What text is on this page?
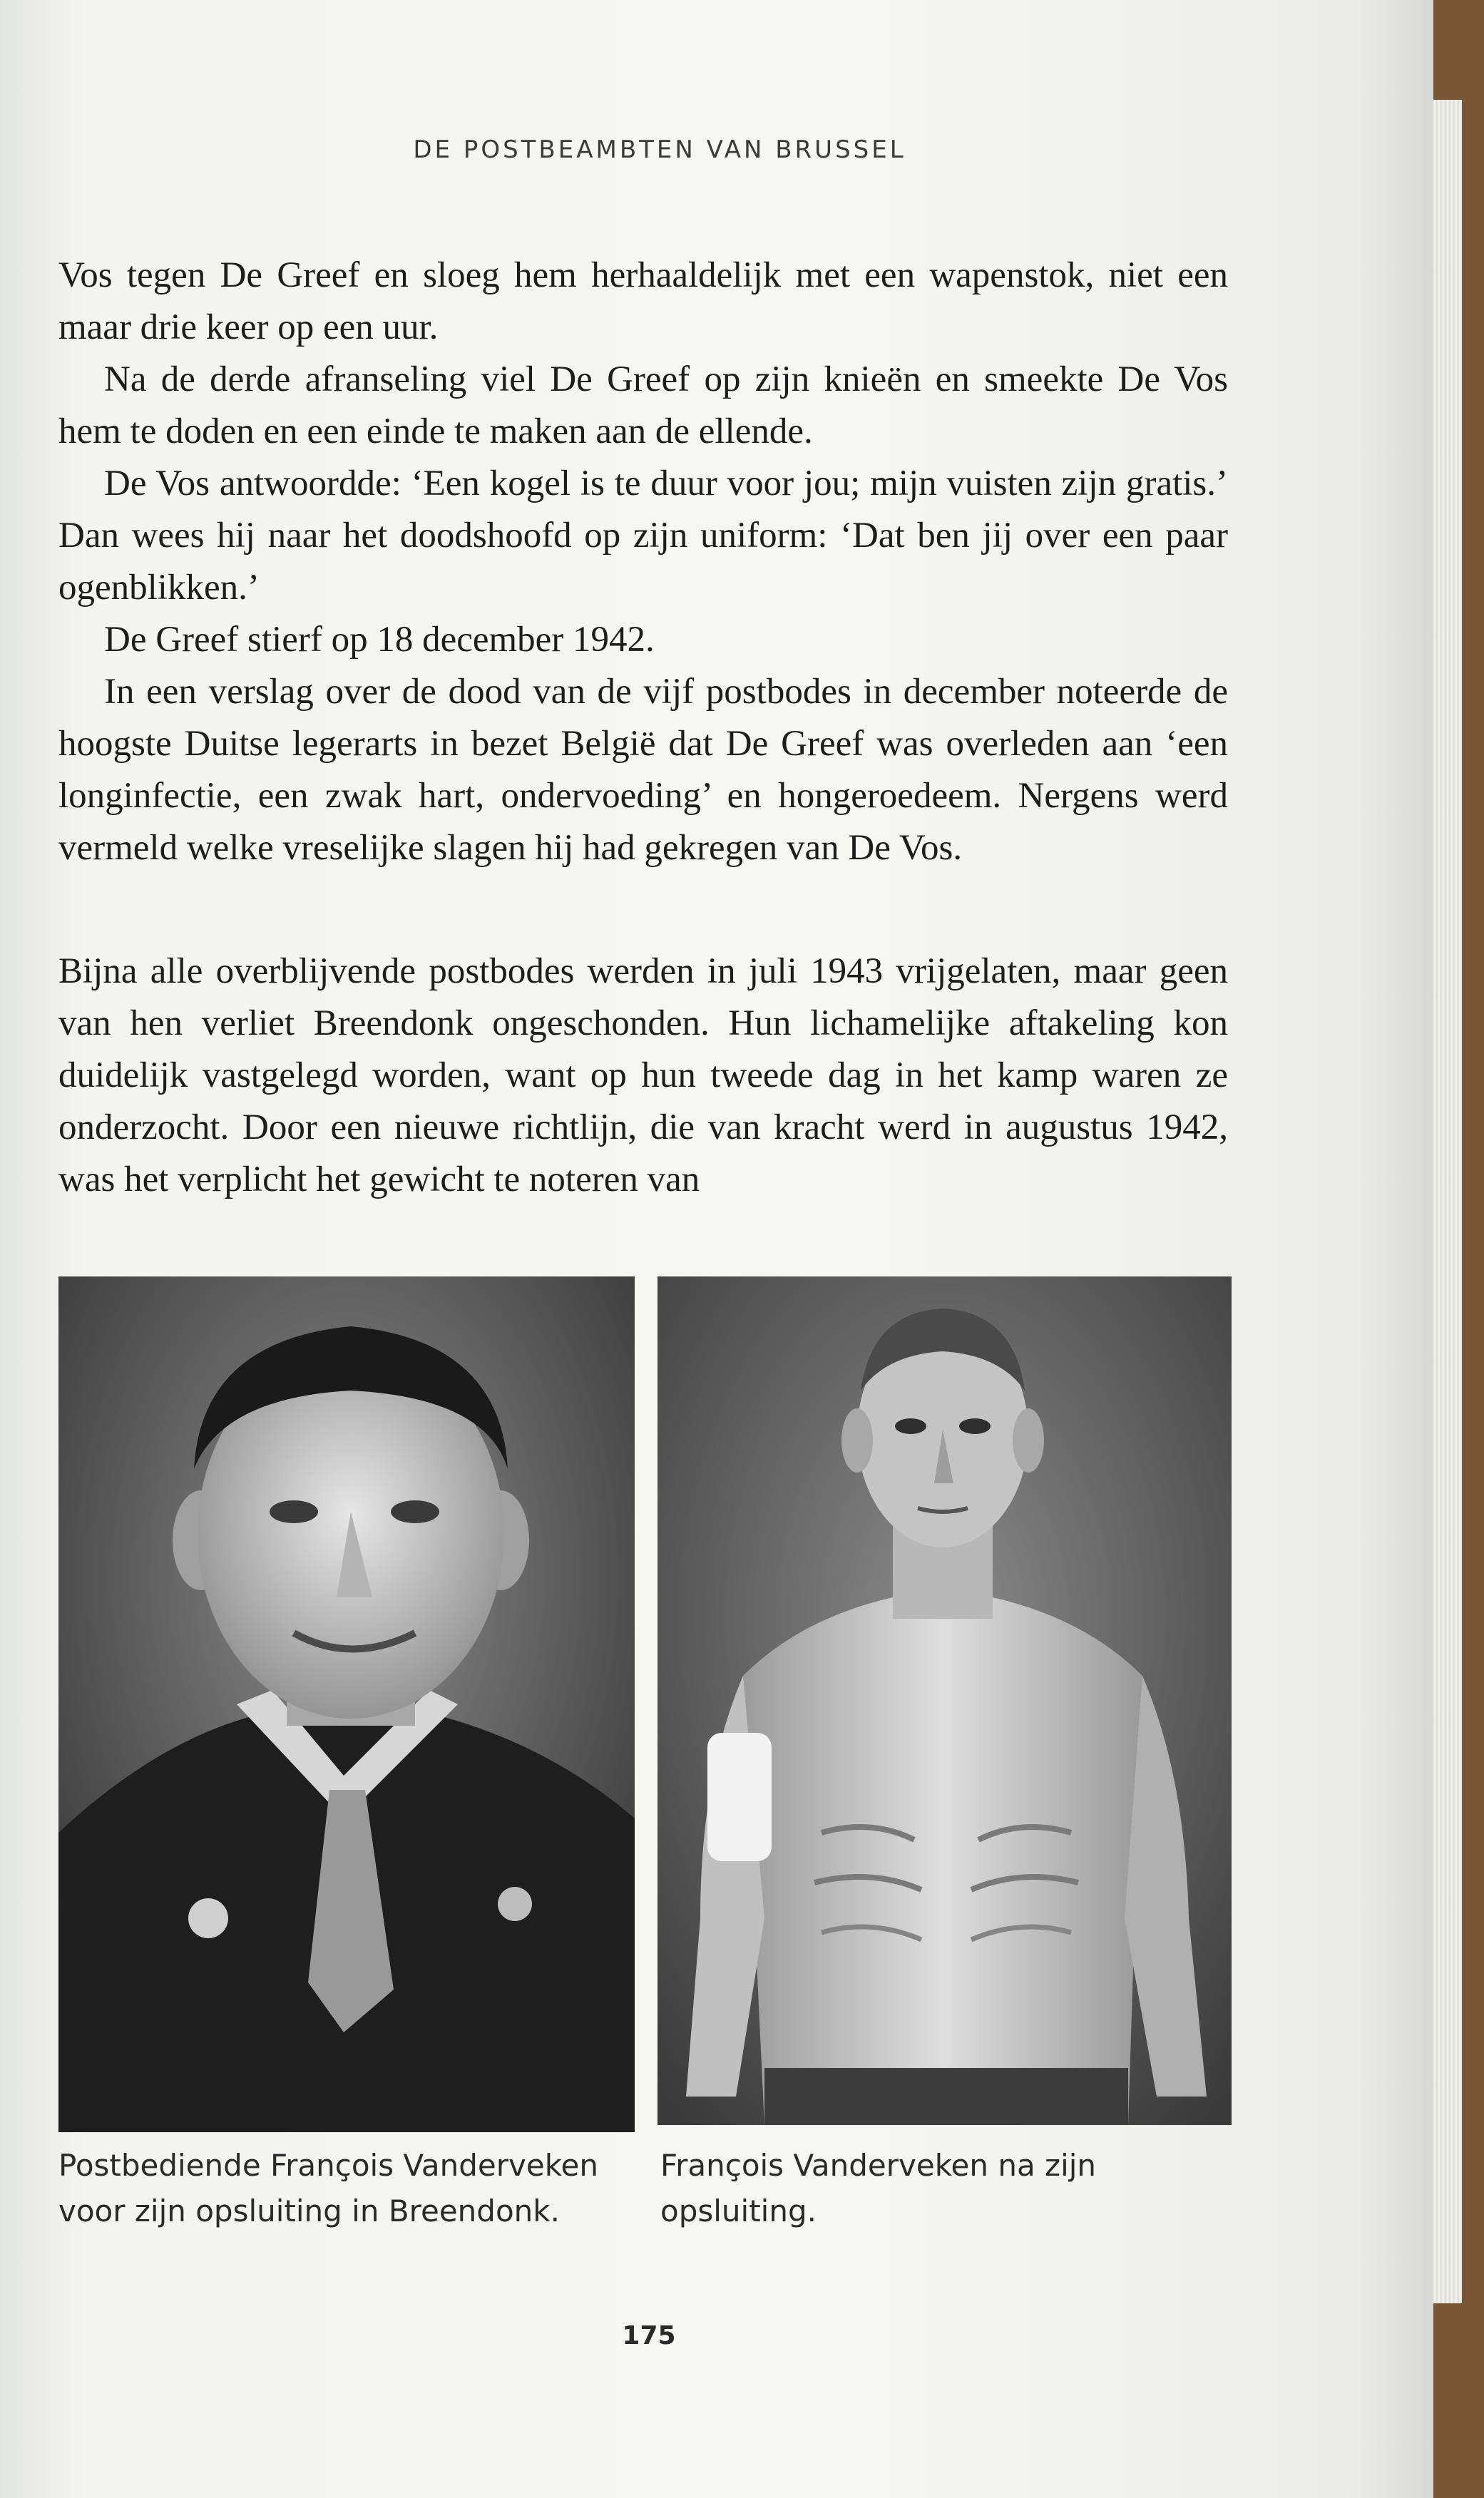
DE POSTBEAMBTEN VAN BRUSSEL

Vos tegen De Greef en sloeg hem herhaaldelijk met een wapenstok, niet een maar drie keer op een uur.

Na de derde afranseling viel De Greef op zijn knieën en smeekte De Vos hem te doden en een einde te maken aan de ellende.

De Vos antwoordde: ‘Een kogel is te duur voor jou; mijn vuisten zijn gratis.’ Dan wees hij naar het doodshoofd op zijn uniform: ‘Dat ben jij over een paar ogenblikken.’

De Greef stierf op 18 december 1942.

In een verslag over de dood van de vijf postbodes in december noteerde de hoogste Duitse legerarts in bezet België dat De Greef was overleden aan ‘een longinfectie, een zwak hart, ondervoeding’ en hongeroedeem. Nergens werd vermeld welke vreselijke slagen hij had gekregen van De Vos.

Bijna alle overblijvende postbodes werden in juli 1943 vrijgelaten, maar geen van hen verliet Breendonk ongeschonden. Hun lichamelijke aftakeling kon duidelijk vastgelegd worden, want op hun tweede dag in het kamp waren ze onderzocht. Door een nieuwe richtlijn, die van kracht werd in augustus 1942, was het verplicht het gewicht te noteren van

Postbediende François Vanderveken voor zijn opsluiting in Breendonk.
François Vanderveken na zijn opsluiting.
175
